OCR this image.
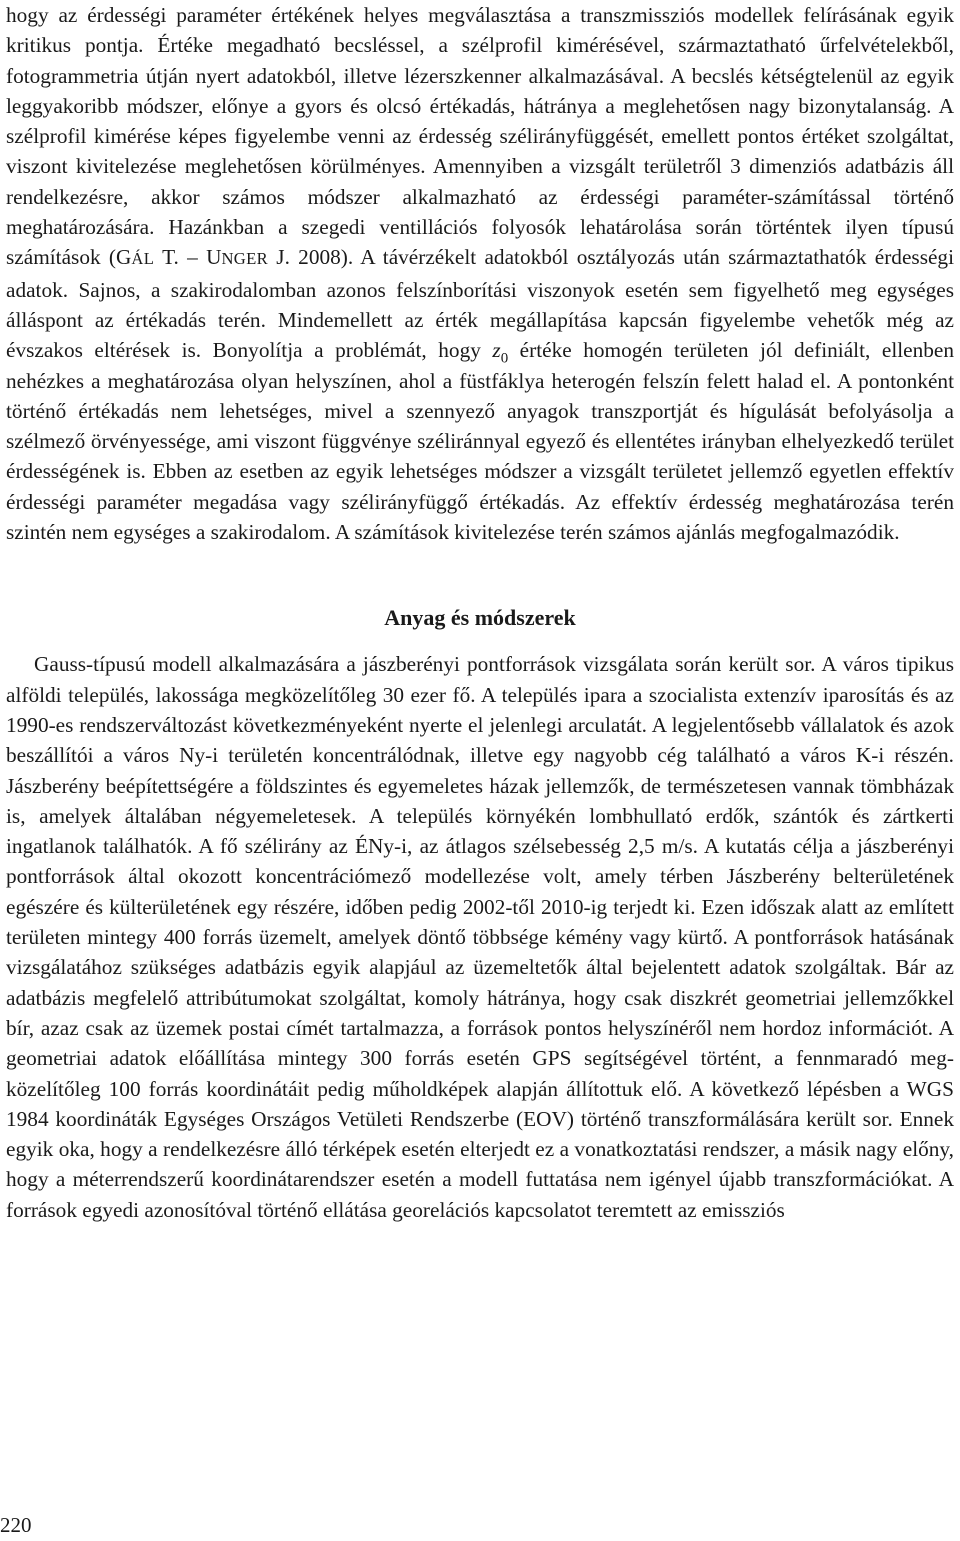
hogy az érdességi paraméter értékének helyes megválasztása a transzmissziós modellek felírásának egyik kritikus pontja. Értéke megadható becsléssel, a szélprofil kimérésével, származtatható űrfelvételekből, fotogrammetria útján nyert adatokból, illetve lézerszkenner alkalmazásával. A becslés kétségtelenül az egyik leggyakoribb módszer, előnye a gyors és olcsó értékadás, hátránya a meglehetősen nagy bizonytalanság. A szélprofil kimérése képes figyelembe venni az érdesség szélirányfüggését, emellett pontos értéket szolgáltat, viszont kivitelezése meglehetősen körülményes. Amennyiben a vizsgált területről 3 dimenziós adatbázis áll rendelkezésre, akkor számos módszer alkalmazható az érdességi paraméter-számítással történő meghatározására. Hazánkban a szegedi ventillációs folyosók lehatárolása során történtek ilyen típusú számítások (GÁL T. – UNGER J. 2008). A távérzékelt adatokból osztályozás után származtathatók érdességi adatok. Sajnos, a szakirodalomban azonos felszínborítási viszonyok esetén sem figyelhető meg egységes álláspont az értékadás terén. Mindemellett az érték megállapítása kapcsán figyelembe vehetők még az évszakos eltérések is. Bonyolítja a problémát, hogy $z_0$ értéke homogén területen jól definiált, ellenben nehézkes a meghatározása olyan helyszínen, ahol a füstfáklya heterogén felszín felett halad el. A pontonként történő értékadás nem lehetséges, mivel a szennyező anyagok transzportját és hígulását befolyásolja a szélmező örvényessége, ami viszont függvénye széliránnyal egyező és ellentétes irányban elhelyezkedő terület érdességének is. Ebben az esetben az egyik lehetséges módszer a vizsgált területet jellemző egyetlen effektív érdességi paraméter megadása vagy szélirányfüggő értékadás. Az effektív érdesség meghatározása terén szintén nem egységes a szakirodalom. A számítások kivitelezése terén számos ajánlás megfogalmazódik.

Anyag és módszerek

Gauss-típusú modell alkalmazására a jászberényi pontforrások vizsgálata során került sor. A város tipikus alföldi település, lakossága megközelítőleg 30 ezer fő. A település ipara a szocialista extenzív iparosítás és az 1990-es rendszerváltozást következményeként nyerte el jelenlegi arculatát. A legjelentősebb vállalatok és azok beszállítói a város Ny-i területén koncentrálódnak, illetve egy nagyobb cég található a város K-i részén. Jászberény beépítettségére a földszintes és egyemeletes házak jellemzők, de természetesen vannak tömbházak is, amelyek általában négyemeletesek. A település környékén lombhullató erdők, szántók és zártkerti ingatlanok találhatók. A fő szélirány az ÉNy-i, az átlagos szélsebesség 2,5 m/s. A kutatás célja a jászberényi pontforrások által okozott koncentrációmező modellezése volt, amely térben Jászberény belterületének egészére és külterületének egy részére, időben pedig 2002-től 2010-ig terjedt ki. Ezen időszak alatt az említett területen mintegy 400 forrás üzemelt, amelyek döntő többsége kémény vagy kürtő. A pontforrások hatásának vizsgálatához szükséges adatbázis egyik alapjául az üzemeltetők által bejelentett adatok szolgáltak. Bár az adatbázis megfelelő attribútumokat szolgáltat, komoly hátránya, hogy csak diszkrét geometriai jellemzőkkel bír, azaz csak az üzemek postai címét tartalmazza, a források pontos helyszínéről nem hordoz információt. A geometriai adatok előállítása mintegy 300 forrás esetén GPS segítségével történt, a fennmaradó megközelítőleg 100 forrás koordinátáit pedig műholdképek alapján állítottuk elő. A következő lépésben a WGS 1984 koordináták Egységes Országos Vetületi Rendszerbe (EOV) történő transzformálására került sor. Ennek egyik oka, hogy a rendelkezésre álló térképek esetén elterjedt ez a vonatkoztatási rendszer, a másik nagy előny, hogy a méterrendszerű koordinátarendszer esetén a modell futtatása nem igényel újabb transzformációkat. A források egyedi azonosítóval történő ellátása georelációs kapcsolatot teremtett az emissziós

220
